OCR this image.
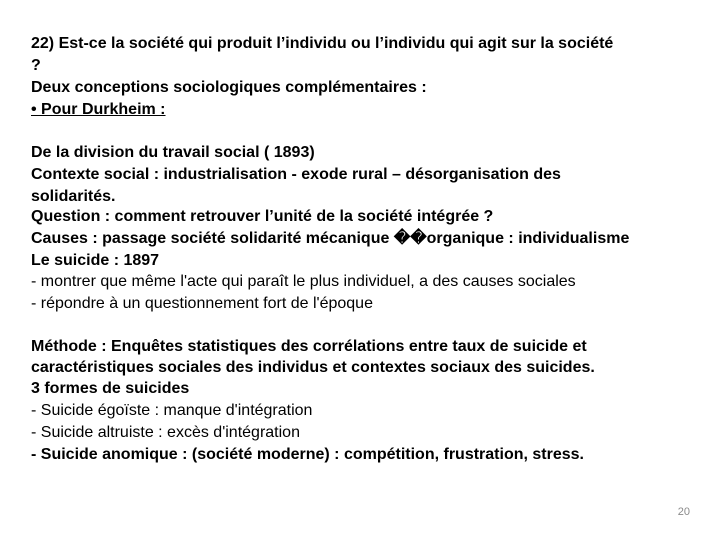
22) Est-ce la société qui produit l’individu ou l’individu qui agit sur la société
?
Deux conceptions sociologiques complémentaires :
• Pour Durkheim :
De la division du travail social ( 1893)
Contexte social : industrialisation - exode rural – désorganisation des
solidarités.
Question : comment retrouver l’unité de la société intégrée ?
Causes : passage société solidarité mécanique ��organique : individualisme
Le suicide : 1897
- montrer que même l'acte qui paraît le plus individuel, a des causes sociales
- répondre à un questionnement fort de l'époque
Méthode : Enquêtes statistiques des corrélations entre taux de suicide et
caractéristiques sociales des individus et contextes sociaux des suicides.
3 formes de suicides
- Suicide égoïste : manque d'intégration
- Suicide altruiste : excès d'intégration
- Suicide anomique : (société moderne) : compétition, frustration, stress.
20
